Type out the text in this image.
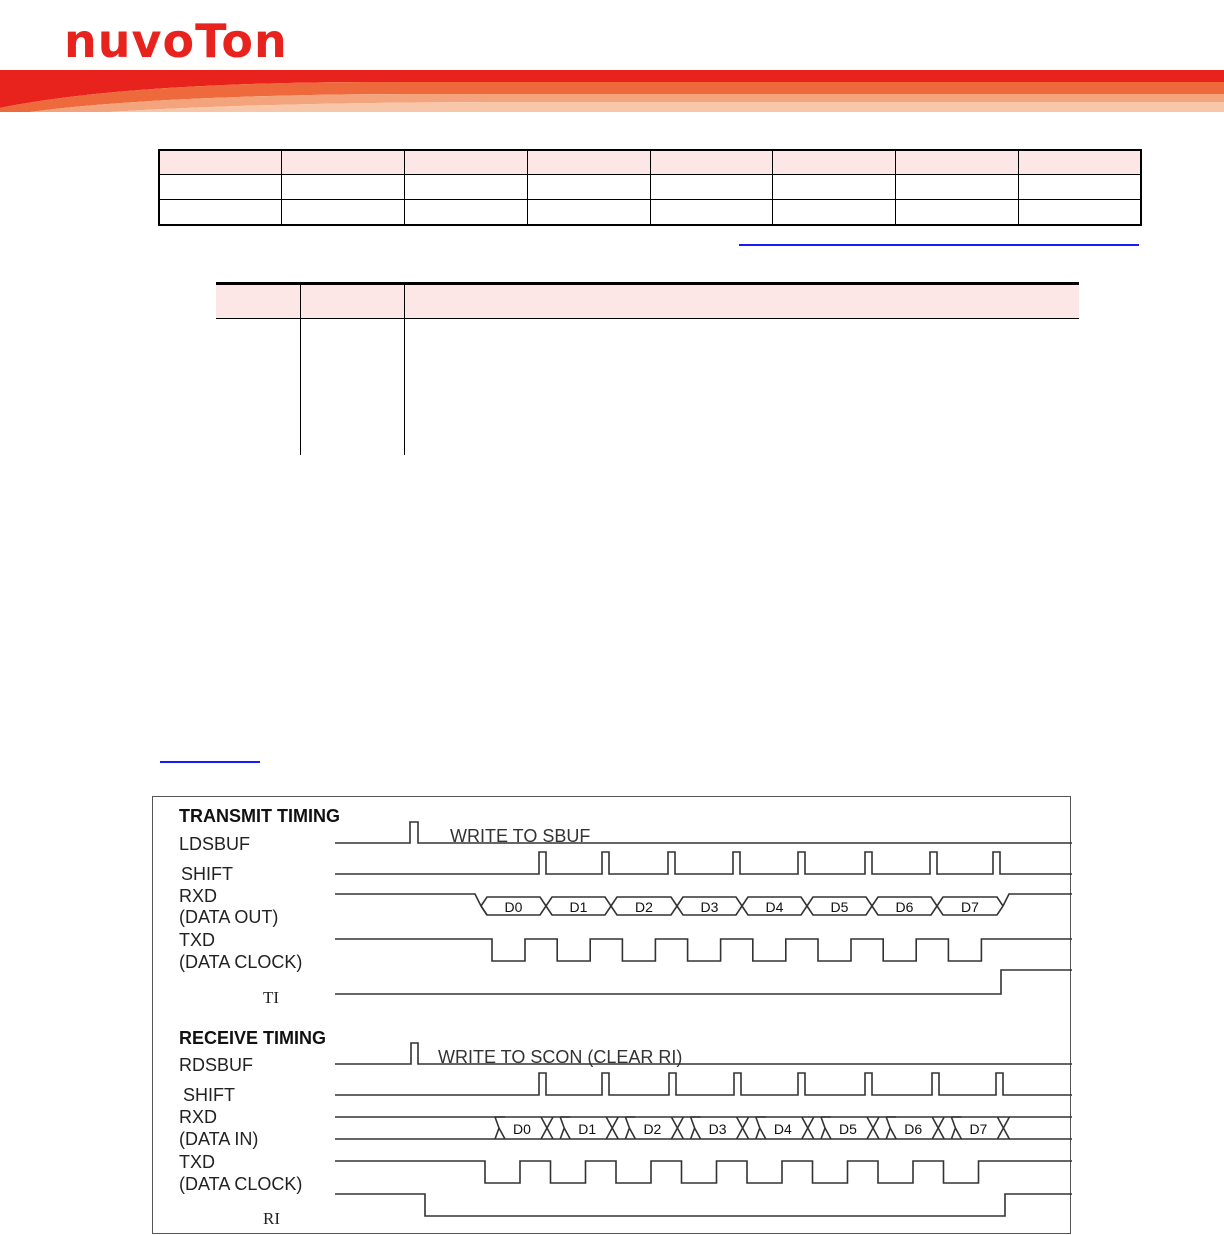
nuvoTon

TRANSMIT TIMING
LDSBUF	WRITE TO SBUF
SHIFT
RXD
(DATA OUT)
TXD
(DATA CLOCK)
TI
RECEIVE TIMING
RDSBUF	WRITE TO SCON (CLEAR RI)
SHIFT
RXD
(DATA IN)
TXD
(DATA CLOCK)
RI
D0	D1	D2	D3	D4	D5	D6	D7
D0	D1	D2	D3	D4	D5	D6	D7
